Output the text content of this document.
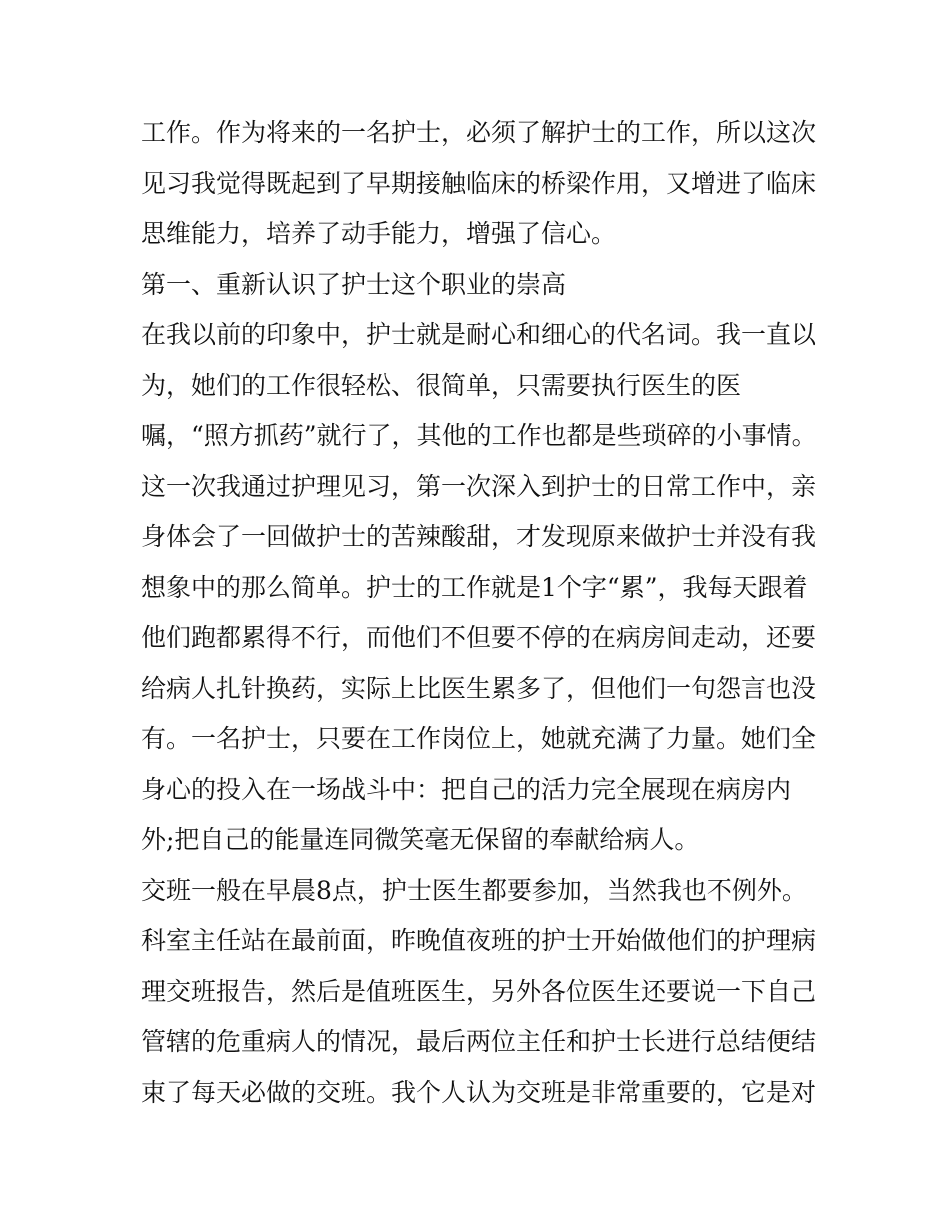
工作。作为将来的一名护士，必须了解护士的工作，所以这次
见习我觉得既起到了早期接触临床的桥梁作用，又增进了临床
思维能力，培养了动手能力，增强了信心。
第一、重新认识了护士这个职业的崇高
在我以前的印象中，护士就是耐心和细心的代名词。我一直以
为，她们的工作很轻松、很简单，只需要执行医生的医
嘱，“照方抓药”就行了，其他的工作也都是些琐碎的小事情。
这一次我通过护理见习，第一次深入到护士的日常工作中，亲
身体会了一回做护士的苦辣酸甜，才发现原来做护士并没有我
想象中的那么简单。护士的工作就是1个字“累”，我每天跟着
他们跑都累得不行，而他们不但要不停的在病房间走动，还要
给病人扎针换药，实际上比医生累多了，但他们一句怨言也没
有。一名护士，只要在工作岗位上，她就充满了力量。她们全
身心的投入在一场战斗中：把自己的活力完全展现在病房内
外;把自己的能量连同微笑毫无保留的奉献给病人。
交班一般在早晨8点，护士医生都要参加，当然我也不例外。
科室主任站在最前面，昨晚值夜班的护士开始做他们的护理病
理交班报告，然后是值班医生，另外各位医生还要说一下自己
管辖的危重病人的情况，最后两位主任和护士长进行总结便结
束了每天必做的交班。我个人认为交班是非常重要的，它是对
